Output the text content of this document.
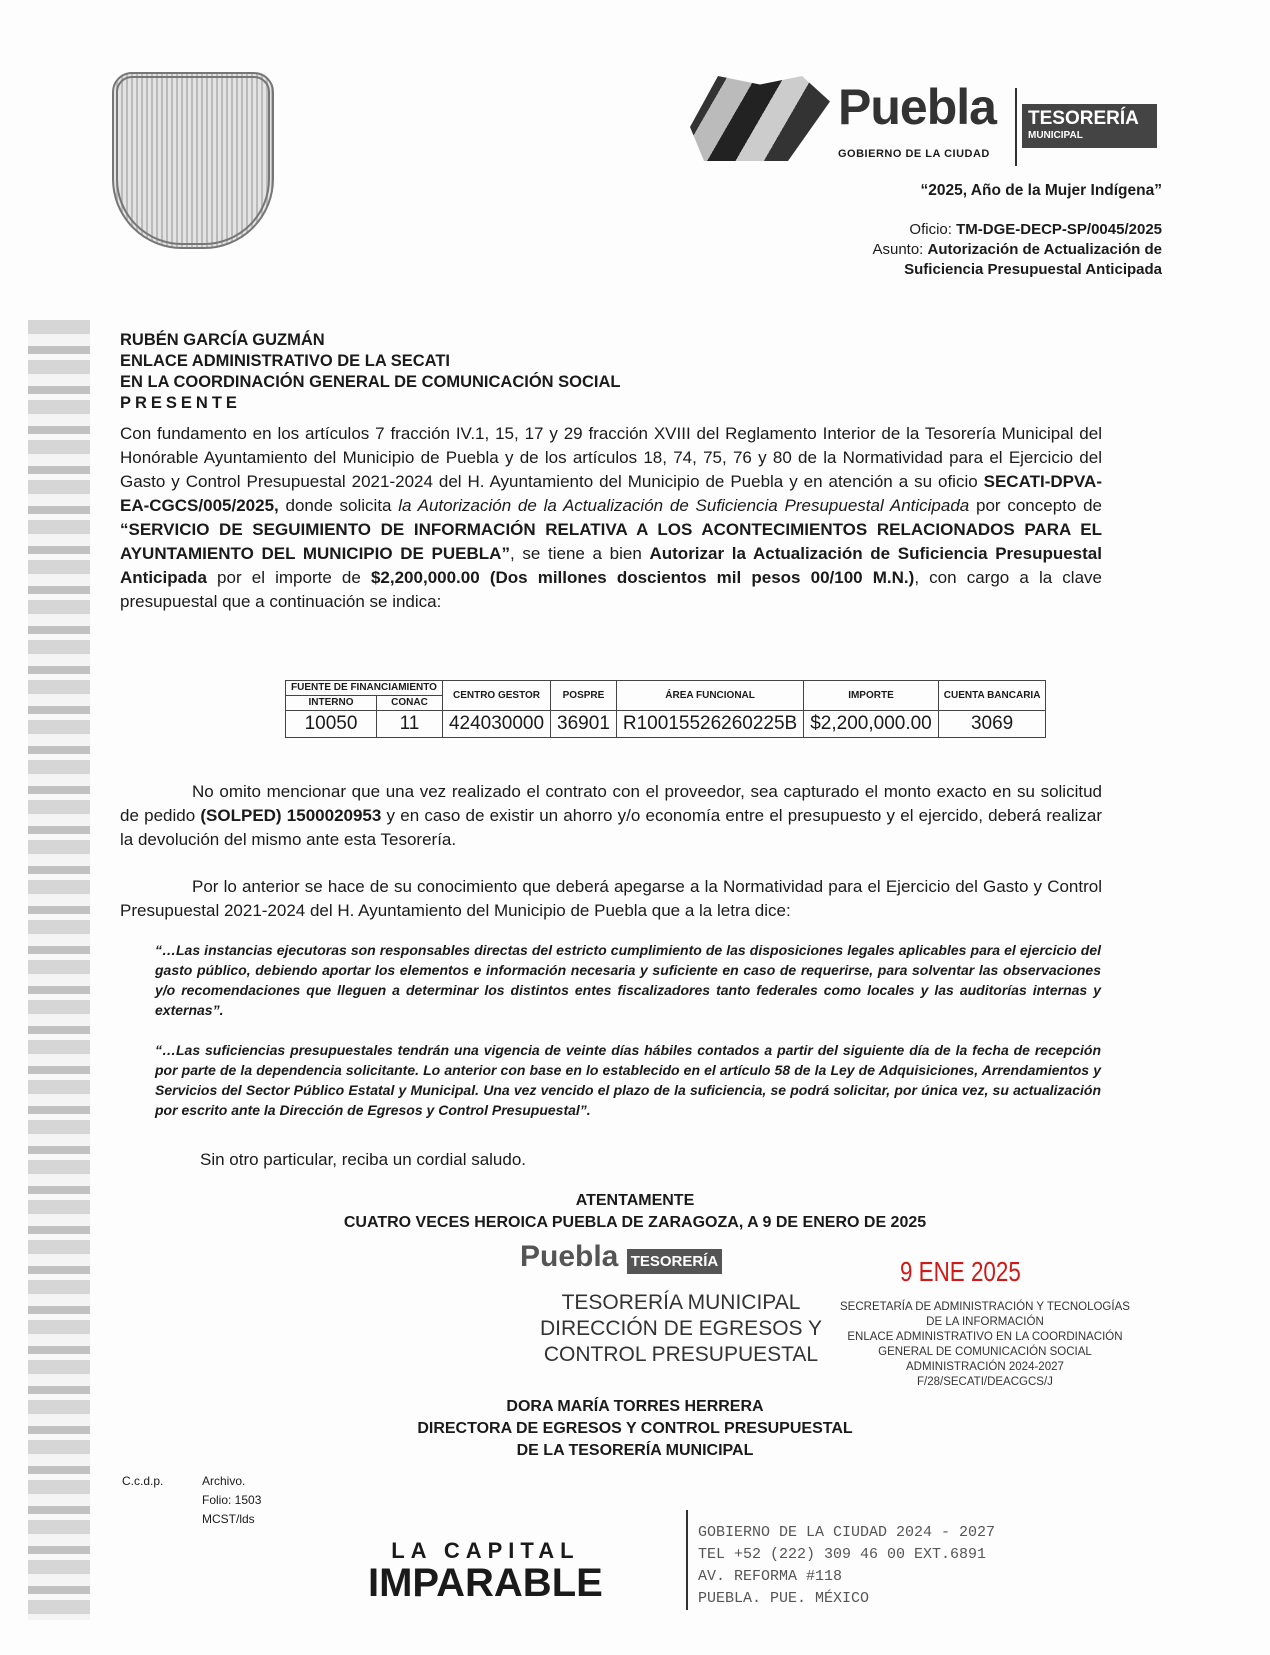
Puebla
GOBIERNO DE LA CIUDAD
TESORERÍA
MUNICIPAL
“2025, Año de la Mujer Indígena”
Oficio: TM-DGE-DECP-SP/0045/2025
Asunto: Autorización de Actualización de
Suficiencia Presupuestal Anticipada
RUBÉN GARCÍA GUZMÁN
ENLACE ADMINISTRATIVO DE LA SECATI
EN LA COORDINACIÓN GENERAL DE COMUNICACIÓN SOCIAL
PRESENTE
Con fundamento en los artículos 7 fracción IV.1, 15, 17 y 29 fracción XVIII del Reglamento Interior de la Tesorería Municipal del Honórable Ayuntamiento del Municipio de Puebla y de los artículos 18, 74, 75, 76 y 80 de la Normatividad para el Ejercicio del Gasto y Control Presupuestal 2021-2024 del H. Ayuntamiento del Municipio de Puebla y en atención a su oficio SECATI-DPVA-EA-CGCS/005/2025, donde solicita la Autorización de la Actualización de Suficiencia Presupuestal Anticipada por concepto de “SERVICIO DE SEGUIMIENTO DE INFORMACIÓN RELATIVA A LOS ACONTECIMIENTOS RELACIONADOS PARA EL AYUNTAMIENTO DEL MUNICIPIO DE PUEBLA”, se tiene a bien Autorizar la Actualización de Suficiencia Presupuestal Anticipada por el importe de $2,200,000.00 (Dos millones doscientos mil pesos 00/100 M.N.), con cargo a la clave presupuestal que a continuación se indica:
FUENTE DE FINANCIAMIENTO		CENTRO GESTOR	POSPRE	ÁREA FUNCIONAL	IMPORTE	CUENTA BANCARIA
INTERNO	CONAC					
10050	11	424030000	36901	R10015526260225B	$2,200,000.00	3069
No omito mencionar que una vez realizado el contrato con el proveedor, sea capturado el monto exacto en su solicitud de pedido (SOLPED) 1500020953 y en caso de existir un ahorro y/o economía entre el presupuesto y el ejercido, deberá realizar la devolución del mismo ante esta Tesorería.
Por lo anterior se hace de su conocimiento que deberá apegarse a la Normatividad para el Ejercicio del Gasto y Control Presupuestal 2021-2024 del H. Ayuntamiento del Municipio de Puebla que a la letra dice:
“…Las instancias ejecutoras son responsables directas del estricto cumplimiento de las disposiciones legales aplicables para el ejercicio del gasto público, debiendo aportar los elementos e información necesaria y suficiente en caso de requerirse, para solventar las observaciones y/o recomendaciones que lleguen a determinar los distintos entes fiscalizadores tanto federales como locales y las auditorías internas y externas”.
“…Las suficiencias presupuestales tendrán una vigencia de veinte días hábiles contados a partir del siguiente día de la fecha de recepción por parte de la dependencia solicitante. Lo anterior con base en lo establecido en el artículo 58 de la Ley de Adquisiciones, Arrendamientos y Servicios del Sector Público Estatal y Municipal. Una vez vencido el plazo de la suficiencia, se podrá solicitar, por única vez, su actualización por escrito ante la Dirección de Egresos y Control Presupuestal”.
Sin otro particular, reciba un cordial saludo.
ATENTAMENTE
CUATRO VECES HEROICA PUEBLA DE ZARAGOZA, A 9 DE ENERO DE 2025
Puebla TESORERÍA	9 ENE 2025
TESORERÍA MUNICIPAL
DIRECCIÓN DE EGRESOS Y
CONTROL PRESUPUESTAL
SECRETARÍA DE ADMINISTRACIÓN Y TECNOLOGÍAS
DE LA INFORMACIÓN
ENLACE ADMINISTRATIVO EN LA COORDINACIÓN
GENERAL DE COMUNICACIÓN SOCIAL
ADMINISTRACIÓN 2024-2027
F/28/SECATI/DEACGCS/J
DORA MARÍA TORRES HERRERA
DIRECTORA DE EGRESOS Y CONTROL PRESUPUESTAL
DE LA TESORERÍA MUNICIPAL
C.c.d.p.	Archivo.
Folio: 1503
MCST/lds
LA CAPITAL
IMPARABLE
GOBIERNO DE LA CIUDAD 2024 - 2027
TEL +52 (222) 309 46 00 EXT.6891
AV. REFORMA #118
PUEBLA. PUE. MÉXICO
